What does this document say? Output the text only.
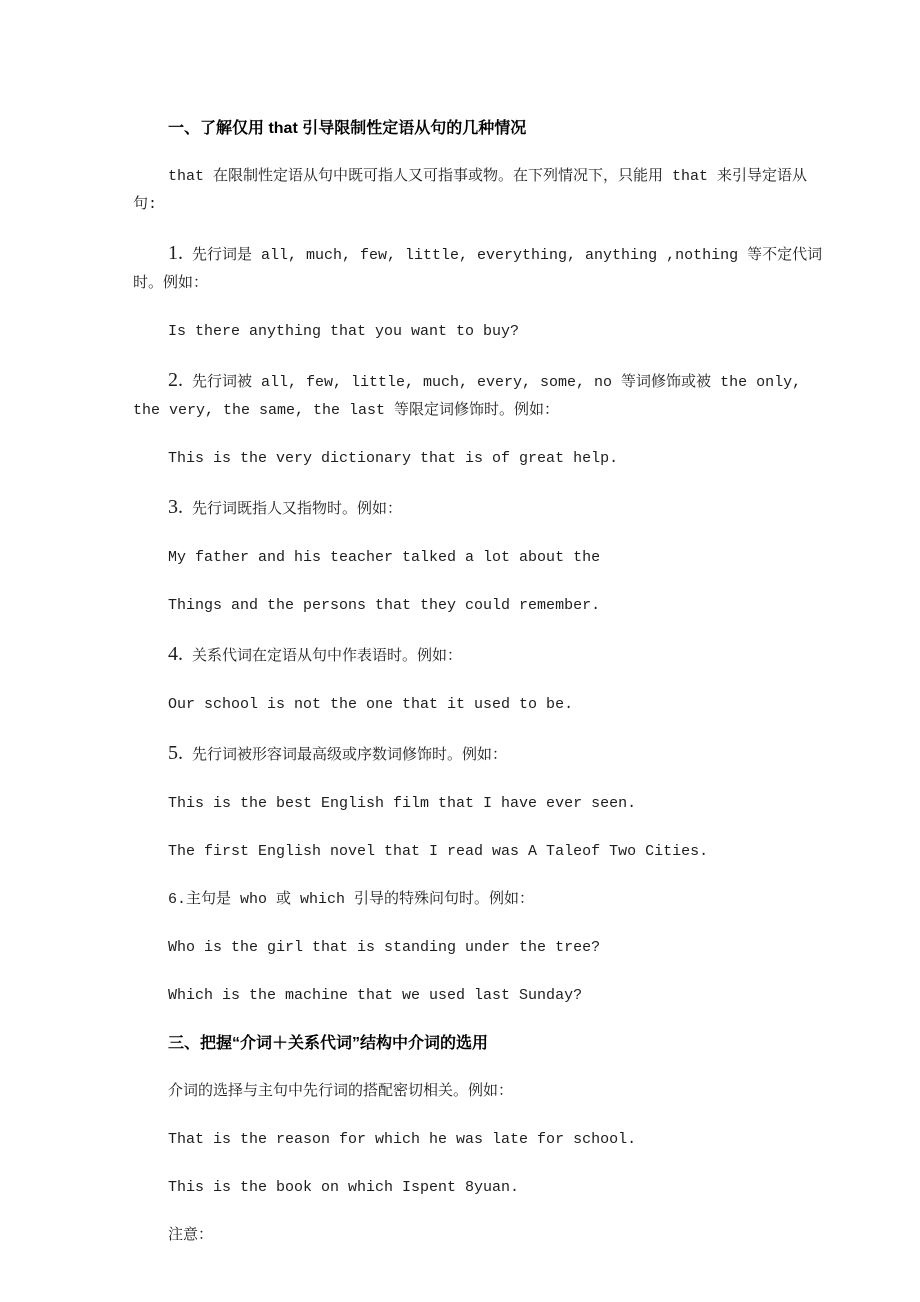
一、了解仅用 that 引导限制性定语从句的几种情况

that 在限制性定语从句中既可指人又可指事或物。在下列情况下，只能用 that 来引导定语从句:

1. 先行词是 all, much, few, little, everything, anything ,nothing 等不定代词时。例如：

Is there anything that you want to buy?

2. 先行词被 all, few, little, much, every, some, no 等词修饰或被 the only, the very, the same, the last 等限定词修饰时。例如：

This is the very dictionary that is of great help.

3. 先行词既指人又指物时。例如：

My father and his teacher talked a lot about the

Things and the persons that they could remember.

4. 关系代词在定语从句中作表语时。例如：

Our school is not the one that it used to be.

5. 先行词被形容词最高级或序数词修饰时。例如：

This is the best English film that I have ever seen.

The first English novel that I read was A Taleof Two Cities.

6.主句是 who 或 which 引导的特殊问句时。例如：

Who is the girl that is standing under the tree?

Which is the machine that we used last Sunday?

三、把握“介词＋关系代词”结构中介词的选用

介词的选择与主句中先行词的搭配密切相关。例如：

That is the reason for which he was late for school.

This is the book on which Ispent 8yuan.

注意：
